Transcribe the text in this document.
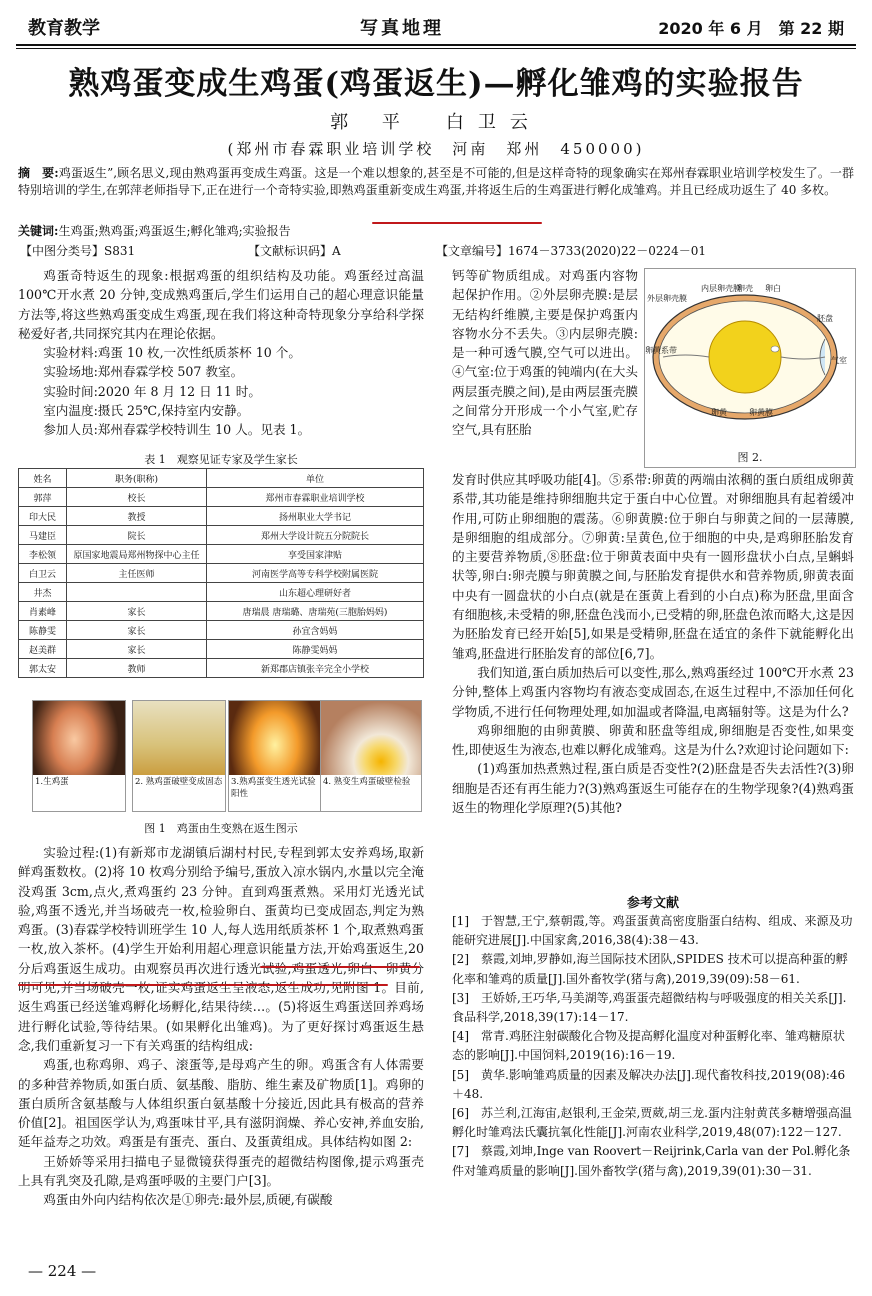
教育教学	写真地理	2020 年 6 月　第 22 期
熟鸡蛋变成生鸡蛋(鸡蛋返生)—孵化雏鸡的实验报告
郭 平　白卫云
(郑州市春霖职业培训学校　河南　郑州　450000)
摘　要:鸡蛋返生”,顾名思义,现由熟鸡蛋再变成生鸡蛋。这是一个难以想象的,甚至是不可能的,但是这样奇特的现象确实在郑州春霖职业培训学校发生了。一群特别培训的学生,在郭萍老师指导下,正在进行一个奇特实验,即熟鸡蛋重新变成生鸡蛋,并将返生后的生鸡蛋进行孵化成雏鸡。并且已经成功返生了 40 多枚。
关键词:生鸡蛋;熟鸡蛋;鸡蛋返生;孵化雏鸡;实验报告
【中图分类号】S831	【文献标识码】A	【文章编号】1674－3733(2020)22－0224－01

鸡蛋奇特返生的现象:根据鸡蛋的组织结构及功能。鸡蛋经过高温 100℃开水煮 20 分钟,变成熟鸡蛋后,学生们运用自己的超心理意识能量方法等,将这些熟鸡蛋变成生鸡蛋,现在我们将这种奇特现象分享给科学探秘爱好者,共同探究其内在理论依据。

实验材料:鸡蛋 10 枚,一次性纸质茶杯 10 个。

实验场地:郑州春霖学校 507 教室。

实验时间:2020 年 8 月 12 日 11 时。

室内温度:摄氏 25℃,保持室内安静。

参加人员:郑州春霖学校特训生 10 人。见表 1。

表 1　观察见证专家及学生家长
姓名	职务(职称)	单位
郭萍	校长	郑州市春霖职业培训学校
印大民	教授	扬州职业大学书记
马建臣	院长	郑州大学设计院五分院院长
李松领	原国家地震局郑州物探中心主任	享受国家津贴
白卫云	主任医师	河南医学高等专科学校附属医院
井杰		山东超心理研好者
肖素峰	家长	唐瑞晨 唐瑞璐、唐瑞苑(三胞胎妈妈)
陈静雯	家长	孙宜含妈妈
赵美群	家长	陈静雯妈妈
郭太安	教师	新郑郡店镇张辛完全小学校
1.生鸡蛋	2. 熟鸡蛋破壁变成固态	3.熟鸡蛋变生透光试验阳性
4. 熟变生鸡蛋破壁检验
图 1　鸡蛋由生变熟在返生图示

实验过程:(1)有新郑市龙湖镇后湖村村民,专程到郭太安养鸡场,取新鲜鸡蛋数枚。(2)将 10 枚鸡分别给予编号,蛋放入凉水锅内,水量以完全淹没鸡蛋 3cm,点火,煮鸡蛋约 23 分钟。直到鸡蛋煮熟。采用灯光透光试验,鸡蛋不透光,并当场破壳一枚,检验卵白、蛋黄均已变成固态,判定为熟鸡蛋。(3)春霖学校特训班学生 10 人,每人选用纸质茶杯 1 个,取煮熟鸡蛋一枚,放入茶杯。(4)学生开始利用超心理意识能量方法,开始鸡蛋返生,20 分后鸡蛋返生成功。由观察员再次进行透光试验,鸡蛋透光,卵白、卵黄分明可见,并当场破壳一枚,证实鸡蛋返生呈液态,返生成功,见附图 1。目前,返生鸡蛋已经送雏鸡孵化场孵化,结果待续…。(5)将返生鸡蛋送回养鸡场进行孵化试验,等待结果。(如果孵化出雏鸡)。为了更好探讨鸡蛋返生悬念,我们重新复习一下有关鸡蛋的结构组成:

鸡蛋,也称鸡卵、鸡子、滚蛋等,是母鸡产生的卵。鸡蛋含有人体需要的多种营养物质,如蛋白质、氨基酸、脂肪、维生素及矿物质[1]。鸡卵的蛋白质所含氨基酸与人体组织蛋白氨基酸十分接近,因此具有极高的营养价值[2]。祖国医学认为,鸡蛋味甘平,具有滋阴润燥、养心安神,养血安胎,延年益寿之功效。鸡蛋是有蛋壳、蛋白、及蛋黄组成。具体结构如图 2:

王娇娇等采用扫描电子显微镜获得蛋壳的超微结构图像,提示鸡蛋壳上具有乳突及孔隙,是鸡蛋呼吸的主要门户[3]。

鸡蛋由外向内结构依次是①卵壳:最外层,质硬,有碳酸

钙等矿物质组成。对鸡蛋内容物起保护作用。②外层卵壳膜:是层无结构纤维膜,主要是保护鸡蛋内容物水分不丢失。③内层卵壳膜:是一种可透气膜,空气可以进出。④气室:位于鸡蛋的钝端内(在大头两层蛋壳膜之间),是由两层蛋壳膜之间常分开形成一个小气室,贮存空气,具有胚胎
外层卵壳膜
内层卵壳膜
卵壳 卵白
卵黄系带
胚盘
气室
卵黄	卵黄膜
图 2.

发育时供应其呼吸功能[4]。⑤系带:卵黄的两端由浓稠的蛋白质组成卵黄系带,其功能是维持卵细胞共定于蛋白中心位置。对卵细胞具有起着缓冲作用,可防止卵细胞的震荡。⑥卵黄膜:位于卵白与卵黄之间的一层薄膜,是卵细胞的组成部分。⑦卵黄:呈黄色,位于细胞的中央,是鸡卵胚胎发育的主要营养物质,⑧胚盘:位于卵黄表面中央有一圆形盘状小白点,呈蝌蚪状等,卵白:卵壳膜与卵黄膜之间,与胚胎发育提供水和营养物质,卵黄表面中央有一圆盘状的小白点(就是在蛋黄上看到的小白点)称为胚盘,里面含有细胞核,未受精的卵,胚盘色浅而小,已受精的卵,胚盘色浓而略大,这是因为胚胎发育已经开始[5],如果是受精卵,胚盘在适宜的条件下就能孵化出雏鸡,胚盘进行胚胎发育的部位[6,7]。

我们知道,蛋白质加热后可以变性,那么,熟鸡蛋经过 100℃开水煮 23 分钟,整体上鸡蛋内容物均有液态变成固态,在返生过程中,不添加任何化学物质,不进行任何物理处理,如加温或者降温,电离辐射等。这是为什么?

鸡卵细胞的由卵黄膜、卵黄和胚盘等组成,卵细胞是否变性,如果变性,即使返生为液态,也难以孵化成雏鸡。这是为什么?欢迎讨论问题如下:

(1)鸡蛋加热煮熟过程,蛋白质是否变性?(2)胚盘是否失去活性?(3)卵细胞是否还有再生能力?(3)熟鸡蛋返生可能存在的生物学现象?(4)熟鸡蛋返生的物理化学原理?(5)其他?

参考文献
[1]　于智慧,王宁,蔡朝霞,等。鸡蛋蛋黄高密度脂蛋白结构、组成、来源及功能研究进展[J].中国家禽,2016,38(4):38－43.
[2]　蔡霞,刘坤,罗静如,海兰国际技术团队,SPIDES 技术可以提高种蛋的孵化率和雏鸡的质量[J].国外畜牧学(猪与禽),2019,39(09):58－61.
[3]　王娇娇,王巧华,马美湖等,鸡蛋蛋壳超微结构与呼吸强度的相关关系[J].食品科学,2018,39(17):14－17.
[4]　常青.鸡胚注射碳酸化合物及提高孵化温度对种蛋孵化率、雏鸡糖原状态的影响[J].中国饲料,2019(16):16－19.
[5]　黄华.影响雏鸡质量的因素及解决办法[J].现代畜牧科技,2019(08):46＋48.
[6]　苏兰利,江海宙,赵银利,王金荣,贾葳,胡三龙.蛋内注射黄芪多糖增强高温孵化时雏鸡法氏囊抗氧化性能[J].河南农业科学,2019,48(07):122－127.
[7]　蔡霞,刘坤,Inge van Roovert－Reijrink,Carla van der Pol.孵化条件对雏鸡质量的影响[J].国外畜牧学(猪与禽),2019,39(01):30－31.
— 224 —
